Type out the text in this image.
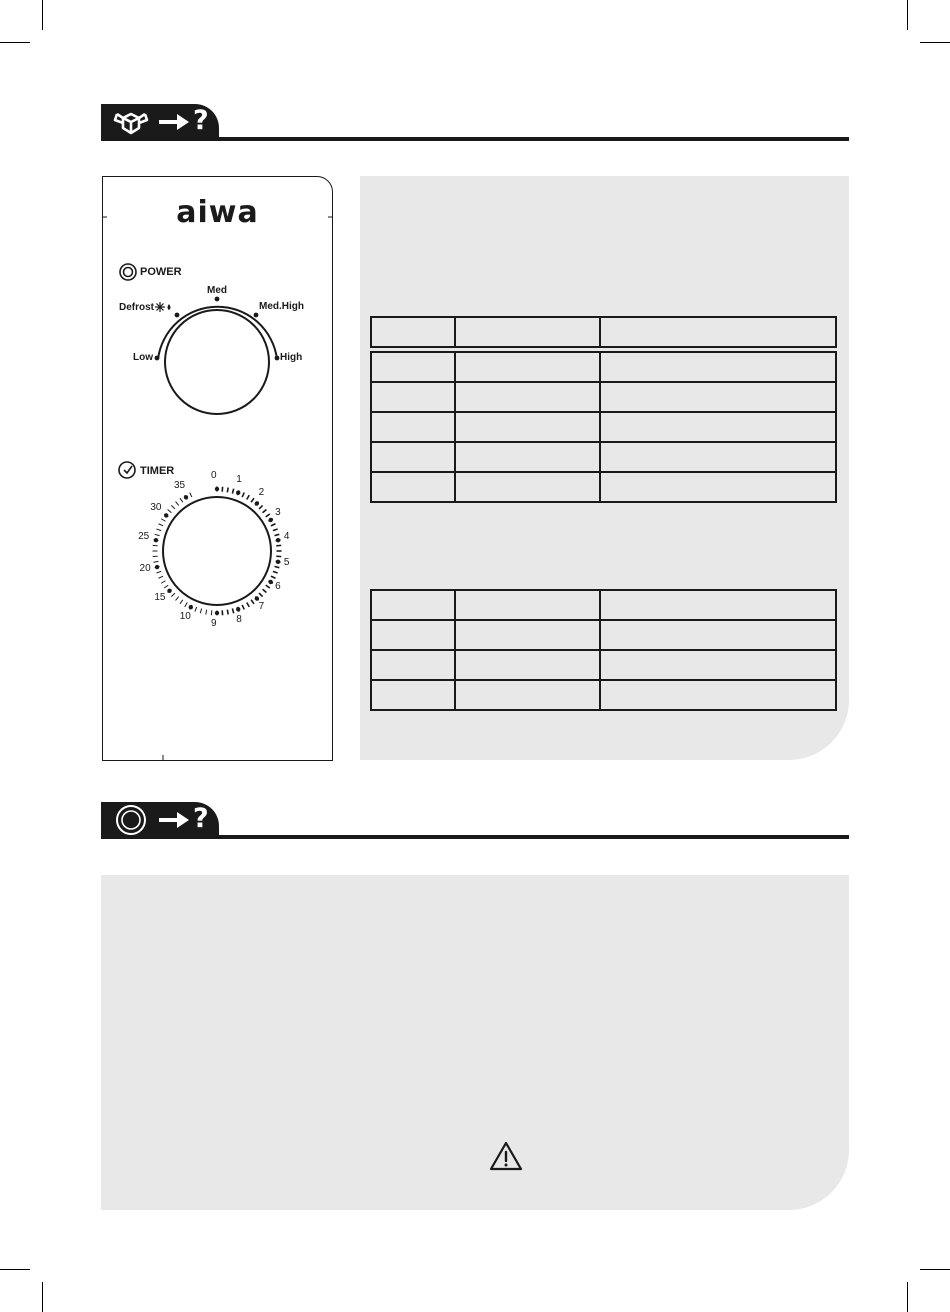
?
aiwa
POWER
Low
Defrost
Med
Med.High
High
TIMER	0 1
2
3
4
5
6
7
8
9
10
15
20
25
30
35

?
